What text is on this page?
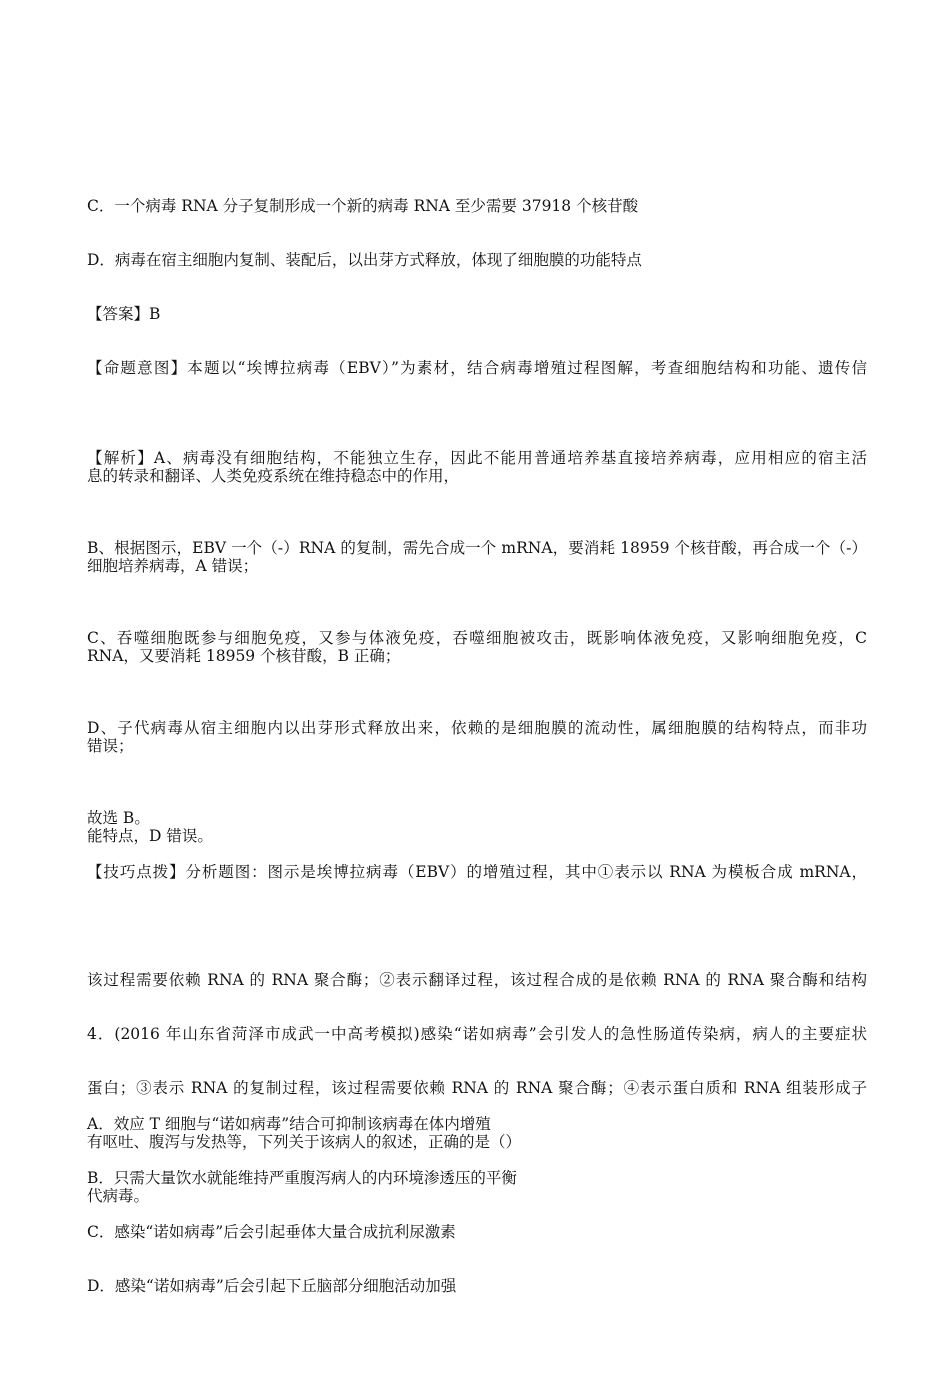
C．一个病毒 RNA 分子复制形成一个新的病毒 RNA 至少需要 37918 个核苷酸

D．病毒在宿主细胞内复制、装配后，以出芽方式释放，体现了细胞膜的功能特点

【答案】B

【命题意图】本题以“埃博拉病毒（EBV）”为素材，结合病毒增殖过程图解，考查细胞结构和功能、遗传信

息的转录和翻译、人类免疫系统在维持稳态中的作用，

【解析】A、病毒没有细胞结构，不能独立生存，因此不能用普通培养基直接培养病毒，应用相应的宿主活

细胞培养病毒，A 错误；

B、根据图示，EBV 一个（-）RNA 的复制，需先合成一个 mRNA，要消耗 18959 个核苷酸，再合成一个（-）

RNA，又要消耗 18959 个核苷酸，B 正确；

C、吞噬细胞既参与细胞免疫，又参与体液免疫，吞噬细胞被攻击，既影响体液免疫，又影响细胞免疫，C

错误；

D、子代病毒从宿主细胞内以出芽形式释放出来，依赖的是细胞膜的流动性，属细胞膜的结构特点，而非功

能特点，D 错误。

故选 B。

【技巧点拨】分析题图：图示是埃博拉病毒（EBV）的增殖过程，其中①表示以 RNA 为模板合成 mRNA，

该过程需要依赖 RNA 的 RNA 聚合酶；②表示翻译过程，该过程合成的是依赖 RNA 的 RNA 聚合酶和结构

蛋白；③表示 RNA 的复制过程，该过程需要依赖 RNA 的 RNA 聚合酶；④表示蛋白质和 RNA 组装形成子

代病毒。

4．(2016 年山东省菏泽市成武一中高考模拟)感染“诺如病毒”会引发人的急性肠道传染病，病人的主要症状

有呕吐、腹泻与发热等，下列关于该病人的叙述，正确的是（）

A．效应 T 细胞与“诺如病毒”结合可抑制该病毒在体内增殖

B．只需大量饮水就能维持严重腹泻病人的内环境渗透压的平衡

C．感染“诺如病毒”后会引起垂体大量合成抗利尿激素

D．感染“诺如病毒”后会引起下丘脑部分细胞活动加强
